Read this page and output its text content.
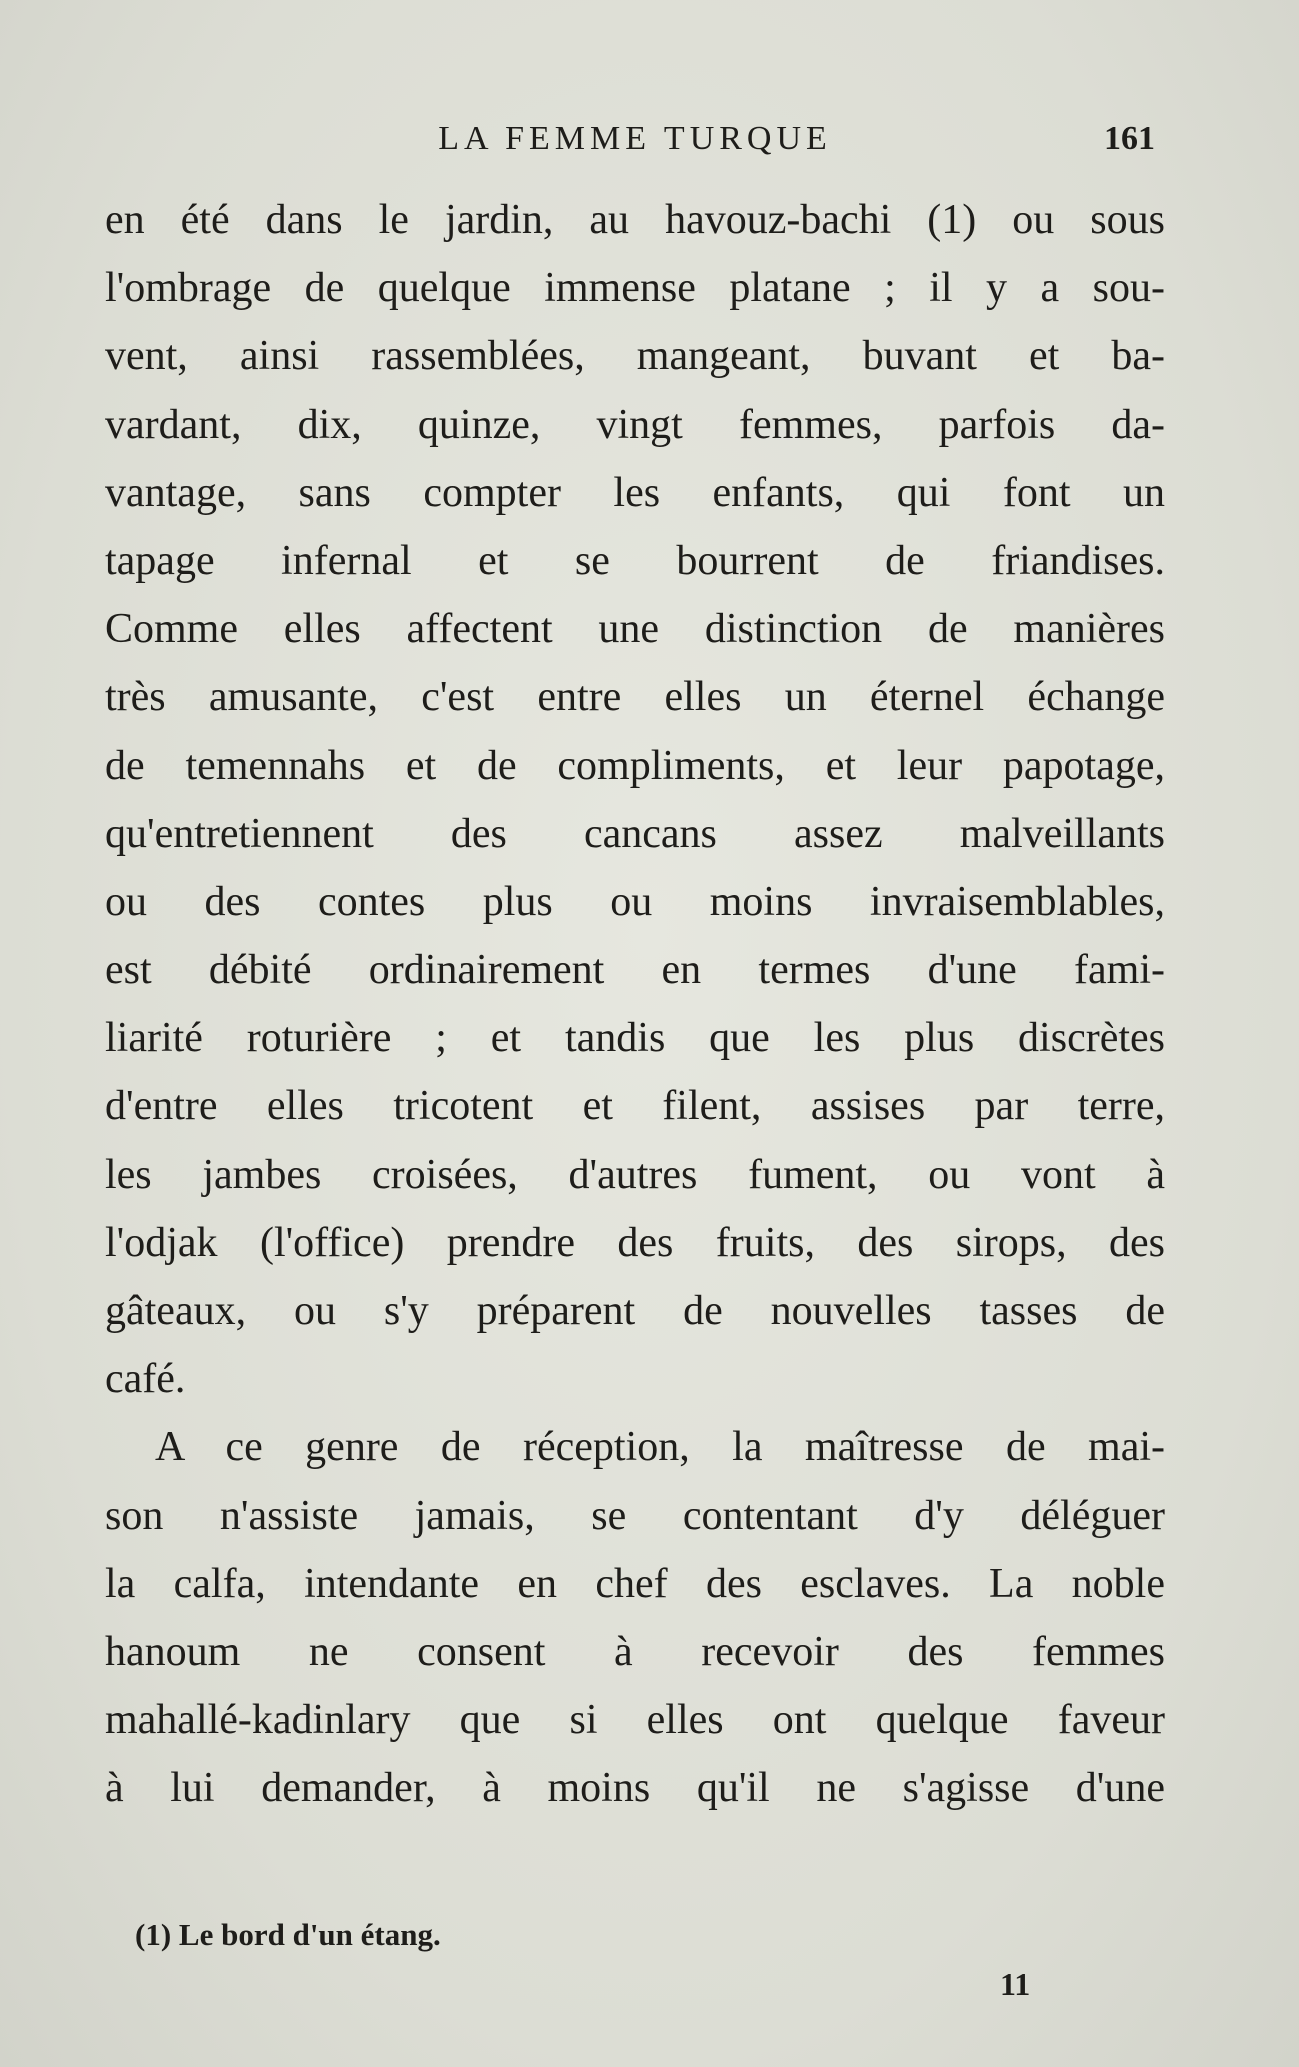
LA FEMME TURQUE	161
en été dans le jardin, au havouz-bachi (1) ou sous
l'ombrage de quelque immense platane ; il y a sou-
vent, ainsi rassemblées, mangeant, buvant et ba-
vardant, dix, quinze, vingt femmes, parfois da-
vantage, sans compter les enfants, qui font un
tapage infernal et se bourrent de friandises.
Comme elles affectent une distinction de manières
très amusante, c'est entre elles un éternel échange
de temennahs et de compliments, et leur papotage,
qu'entretiennent des cancans assez malveillants
ou des contes plus ou moins invraisemblables,
est débité ordinairement en termes d'une fami-
liarité roturière ; et tandis que les plus discrètes
d'entre elles tricotent et filent, assises par terre,
les jambes croisées, d'autres fument, ou vont à
l'odjak (l'office) prendre des fruits, des sirops, des
gâteaux, ou s'y préparent de nouvelles tasses de
café.
A ce genre de réception, la maîtresse de mai-
son n'assiste jamais, se contentant d'y déléguer
la calfa, intendante en chef des esclaves. La noble
hanoum ne consent à recevoir des femmes
mahallé-kadinlary que si elles ont quelque faveur
à lui demander, à moins qu'il ne s'agisse d'une
(1) Le bord d'un étang.
11
